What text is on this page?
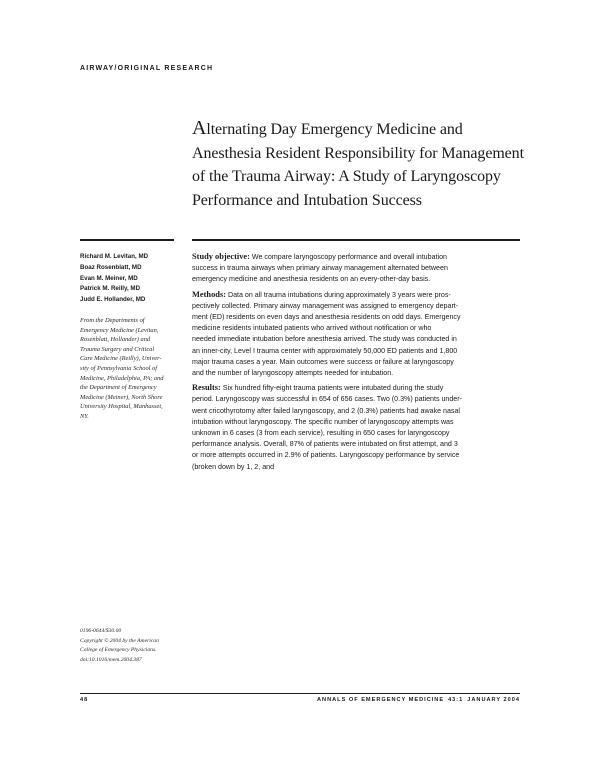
AIRWAY/ORIGINAL RESEARCH
Alternating Day Emergency Medicine and
Anesthesia Resident Responsibility for Management
of the Trauma Airway: A Study of Laryngoscopy
Performance and Intubation Success
Richard M. Levitan, MD
Boaz Rosenblatt, MD
Evan M. Meiner, MD
Patrick M. Reilly, MD
Judd E. Hollander, MD
From the Departments of
Emergency Medicine (Levitan,
Rosenblatt, Hollander) and
Trauma Surgery and Critical
Care Medicine (Reilly), Univer-
sity of Pennsylvania School of
Medicine, Philadelphia, PA; and
the Department of Emergency
Medicine (Meiner), North Shore
University Hospital, Manhasset,
NY.
Study objective: We compare laryngoscopy performance and overall intubation
success in trauma airways when primary airway management alternated between
emergency medicine and anesthesia residents on an every-other-day basis.
Methods: Data on all trauma intubations during approximately 3 years were pros-
pectively collected. Primary airway management was assigned to emergency depart-
ment (ED) residents on even days and anesthesia residents on odd days. Emergency
medicine residents intubated patients who arrived without notification or who
needed immediate intubation before anesthesia arrived. The study was conducted in
an inner-city, Level I trauma center with approximately 50,000 ED patients and 1,800
major trauma cases a year. Main outcomes were success or failure at laryngoscopy
and the number of laryngoscopy attempts needed for intubation.
Results: Six hundred fifty-eight trauma patients were intubated during the study
period. Laryngoscopy was successful in 654 of 656 cases. Two (0.3%) patients under-
went cricothyrotomy after failed laryngoscopy, and 2 (0.3%) patients had awake nasal
intubation without laryngoscopy. The specific number of laryngoscopy attempts was
unknown in 6 cases (3 from each service), resulting in 650 cases for laryngoscopy
performance analysis. Overall, 87% of patients were intubated on first attempt, and 3
or more attempts occurred in 2.9% of patients. Laryngoscopy performance by service
(broken down by 1, 2, and
0196-0644/$30.00
Copyright © 2004 by the American
College of Emergency Physicians.
doi:10.1016/mem.2004.387
48	ANNALS OF EMERGENCY MEDICINE 43:1 JANUARY 2004
